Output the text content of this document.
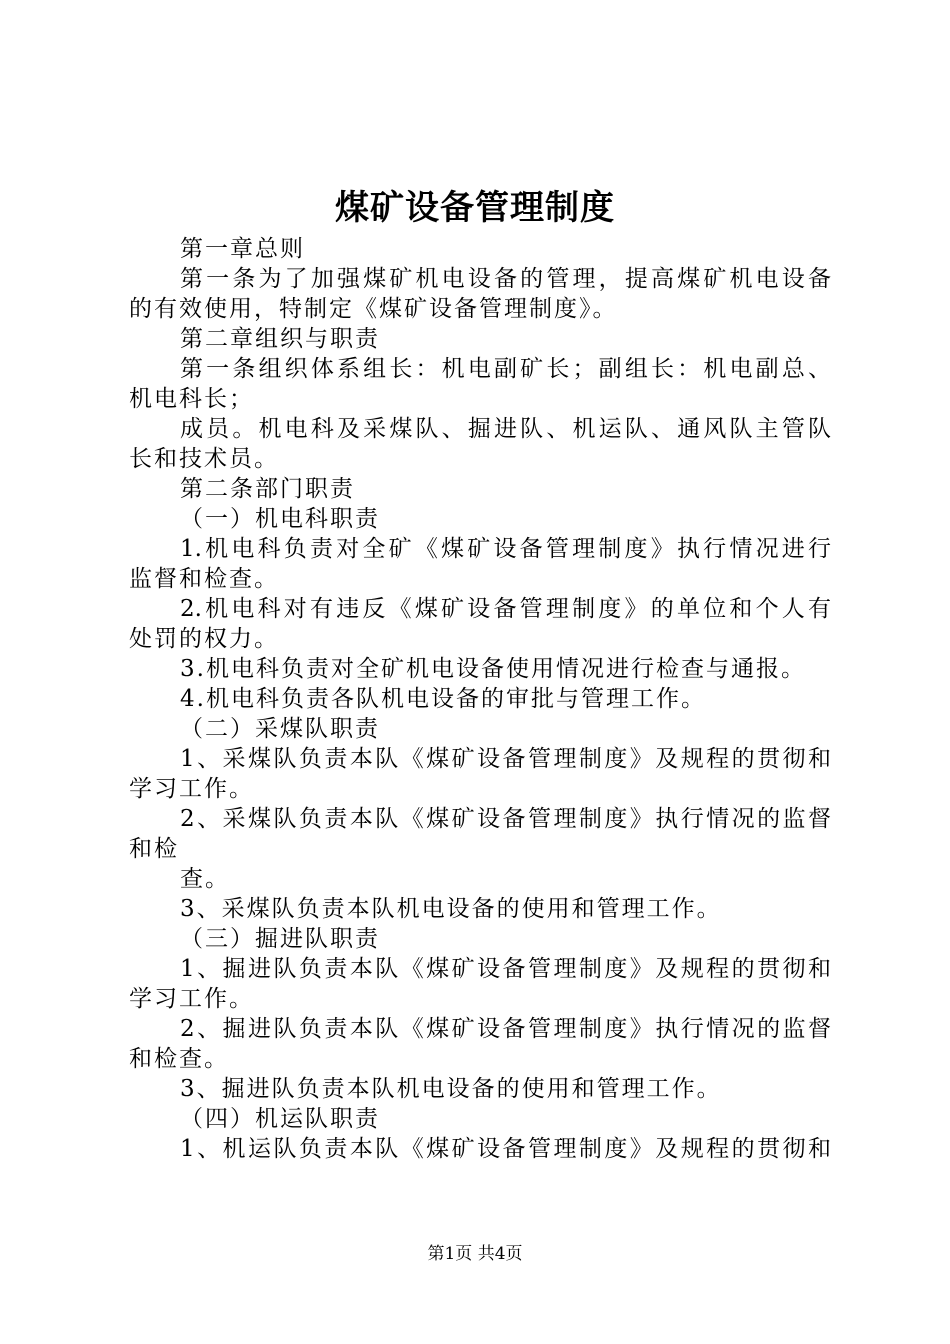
煤矿设备管理制度
第一章总则
第一条为了加强煤矿机电设备的管理，提高煤矿机电设备
的有效使用，特制定《煤矿设备管理制度》。
第二章组织与职责
第一条组织体系组长：机电副矿长；副组长：机电副总、
机电科长；
成员。机电科及采煤队、掘进队、机运队、通风队主管队
长和技术员。
第二条部门职责
（一）机电科职责
1.机电科负责对全矿《煤矿设备管理制度》执行情况进行
监督和检查。
2.机电科对有违反《煤矿设备管理制度》的单位和个人有
处罚的权力。
3.机电科负责对全矿机电设备使用情况进行检查与通报。
4.机电科负责各队机电设备的审批与管理工作。
（二）采煤队职责
1、采煤队负责本队《煤矿设备管理制度》及规程的贯彻和
学习工作。
2、采煤队负责本队《煤矿设备管理制度》执行情况的监督
和检
查。
3、采煤队负责本队机电设备的使用和管理工作。
（三）掘进队职责
1、掘进队负责本队《煤矿设备管理制度》及规程的贯彻和
学习工作。
2、掘进队负责本队《煤矿设备管理制度》执行情况的监督
和检查。
3、掘进队负责本队机电设备的使用和管理工作。
（四）机运队职责
1、机运队负责本队《煤矿设备管理制度》及规程的贯彻和
第1页 共4页
